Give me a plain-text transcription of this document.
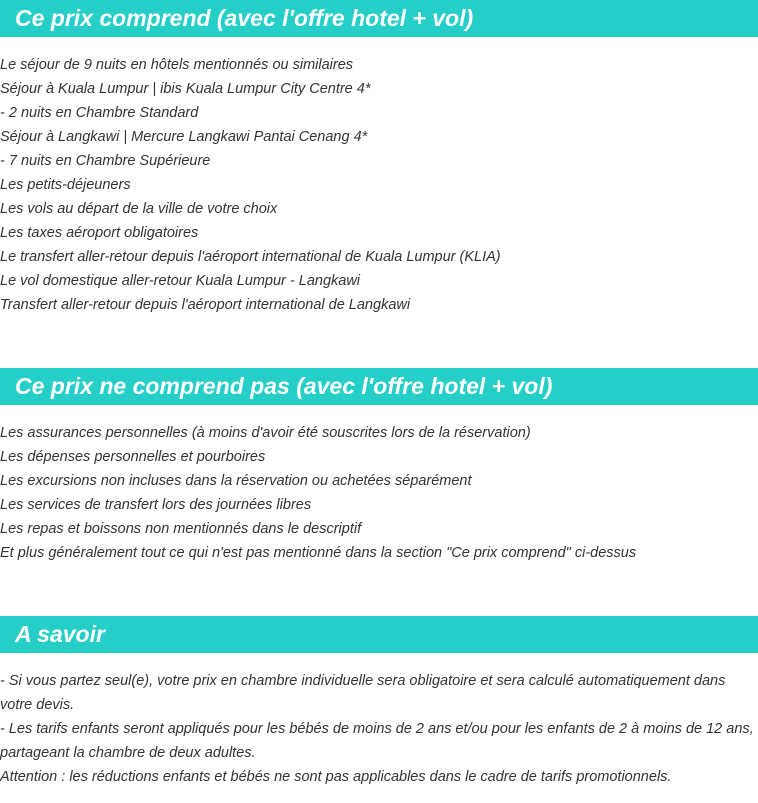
Ce prix comprend (avec l'offre hotel + vol)
Le séjour de 9 nuits en hôtels mentionnés ou similaires
Séjour à Kuala Lumpur | ibis Kuala Lumpur City Centre 4*
- 2 nuits en Chambre Standard
Séjour à Langkawi | Mercure Langkawi Pantai Cenang 4*
- 7 nuits en Chambre Supérieure
Les petits-déjeuners
Les vols au départ de la ville de votre choix
Les taxes aéroport obligatoires
Le transfert aller-retour depuis l'aéroport international de Kuala Lumpur (KLIA)
Le vol domestique aller-retour Kuala Lumpur - Langkawi
Transfert aller-retour depuis l'aéroport international de Langkawi
Ce prix ne comprend pas (avec l'offre hotel + vol)
Les assurances personnelles (à moins d'avoir été souscrites lors de la réservation)
Les dépenses personnelles et pourboires
Les excursions non incluses dans la réservation ou achetées séparément
Les services de transfert lors des journées libres
Les repas et boissons non mentionnés dans le descriptif
Et plus généralement tout ce qui n'est pas mentionné dans la section "Ce prix comprend" ci-dessus
A savoir
- Si vous partez seul(e), votre prix en chambre individuelle sera obligatoire et sera calculé automatiquement dans votre devis.
- Les tarifs enfants seront appliqués pour les bébés de moins de 2 ans et/ou pour les enfants de 2 à moins de 12 ans, partageant la chambre de deux adultes.
Attention : les réductions enfants et bébés ne sont pas applicables dans le cadre de tarifs promotionnels.
